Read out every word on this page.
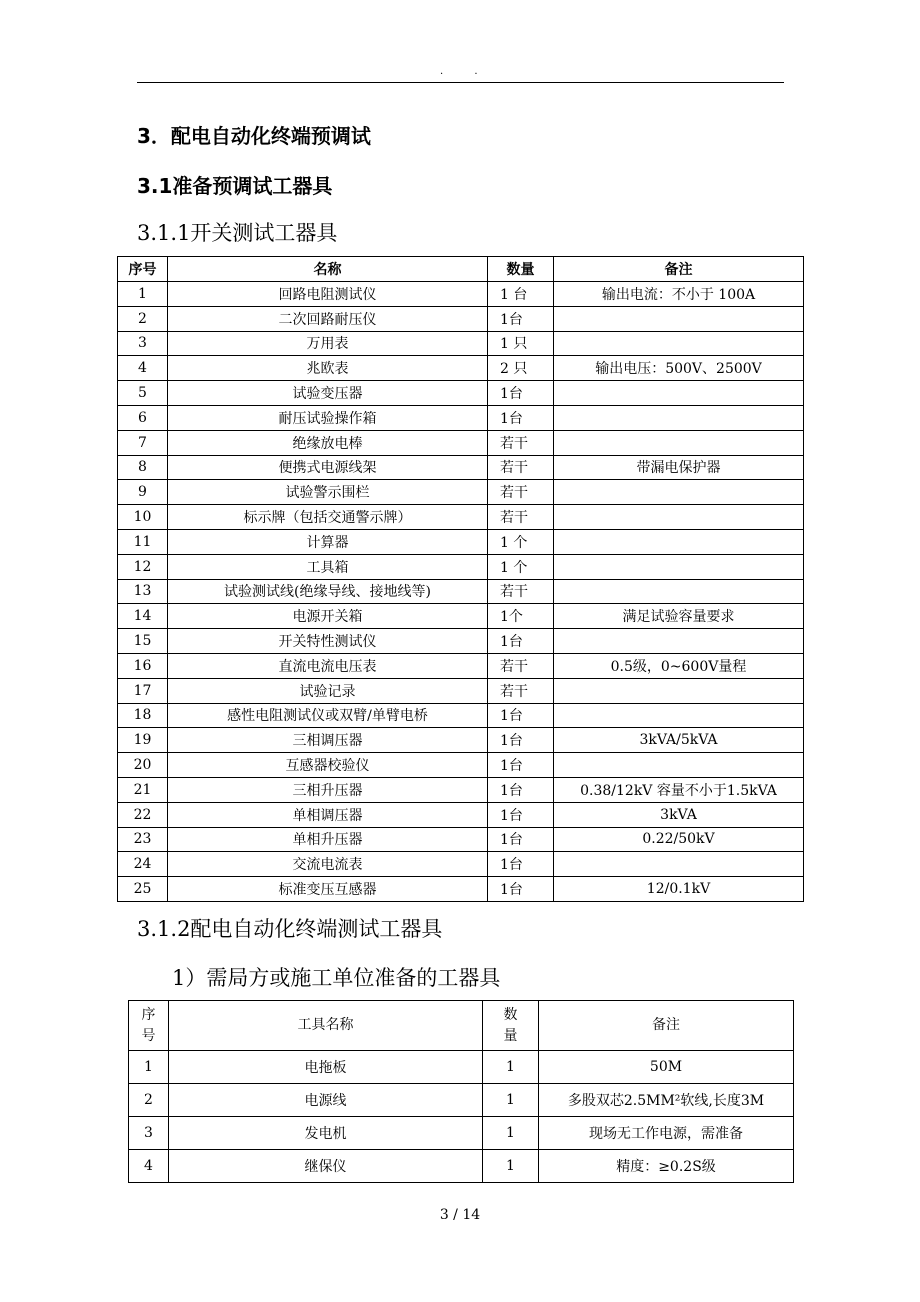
. .
3．配电自动化终端预调试
3.1准备预调试工器具
3.1.1开关测试工器具
序号	名称	数量	备注
1	回路电阻测试仪	1 台	输出电流：不小于 100A
2	二次回路耐压仪	1台	
3	万用表	1 只	
4	兆欧表	2 只	输出电压：500V、2500V
5	试验变压器	1台	
6	耐压试验操作箱	1台	
7	绝缘放电棒	若干	
8	便携式电源线架	若干	带漏电保护器
9	试验警示围栏	若干	
10	标示牌（包括交通警示牌）	若干	
11	计算器	1 个	
12	工具箱	1 个	
13	试验测试线(绝缘导线、接地线等)	若干	
14	电源开关箱	1个	满足试验容量要求
15	开关特性测试仪	1台	
16	直流电流电压表	若干	0.5级，0~600V量程
17	试验记录	若干	
18	感性电阻测试仪或双臂/单臂电桥	1台	
19	三相调压器	1台	3kVA/5kVA
20	互感器校验仪	1台	
21	三相升压器	1台	0.38/12kV 容量不小于1.5kVA
22	单相调压器	1台	3kVA
23	单相升压器	1台	0.22/50kV
24	交流电流表	1台	
25	标准变压互感器	1台	12/0.1kV
3.1.2配电自动化终端测试工器具
1）需局方或施工单位准备的工器具
序号	工具名称	数量	备注
1	电拖板	1	50M
2	电源线	1	多股双芯2.5MM²软线,长度3M
3	发电机	1	现场无工作电源，需准备
4	继保仪	1	精度：≥0.2S级
3 / 14
